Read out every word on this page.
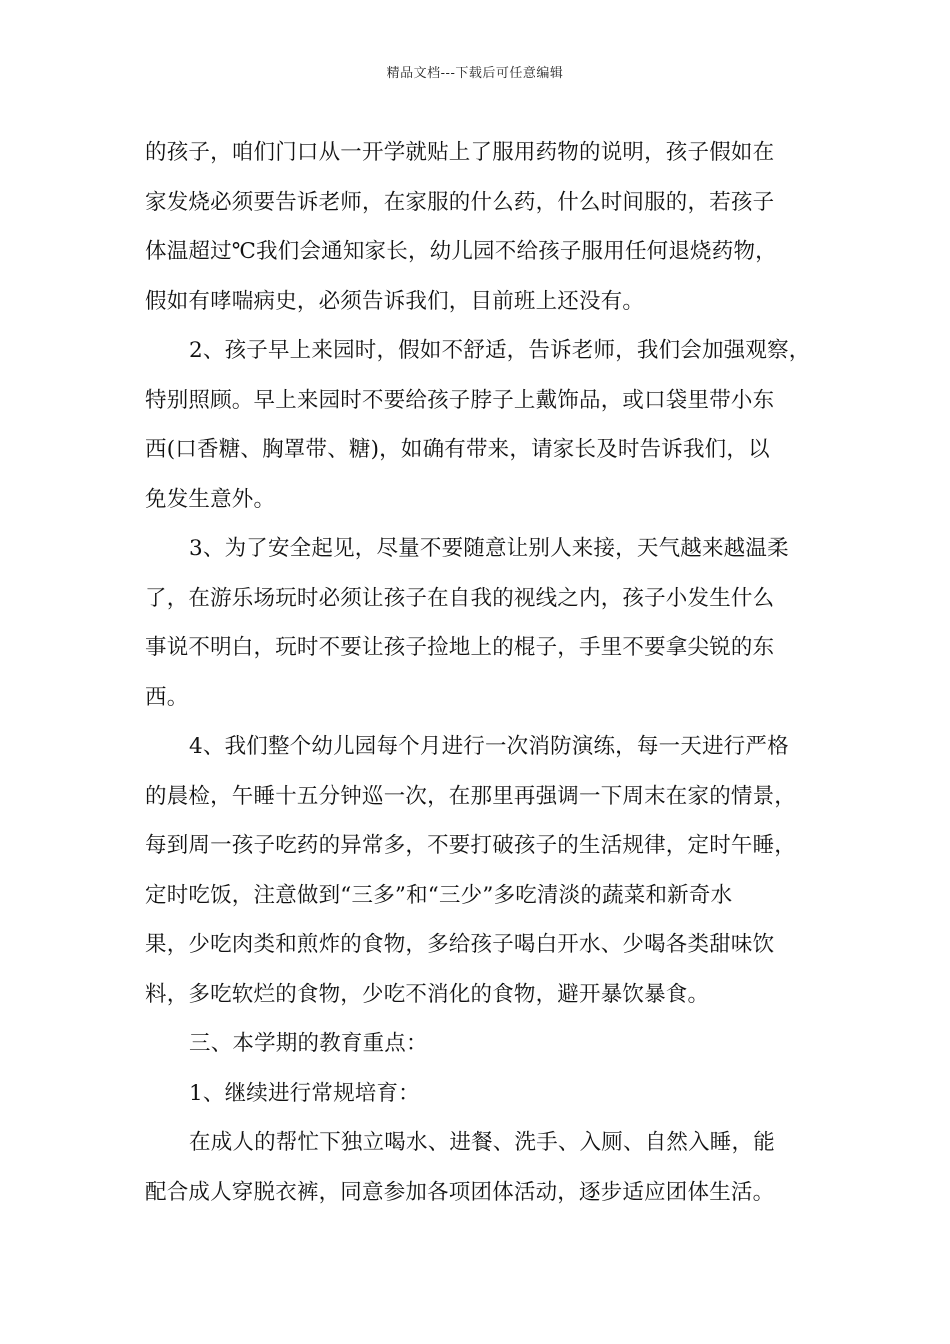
精品文档---下载后可任意编辑
的孩子，咱们门口从一开学就贴上了服用药物的说明，孩子假如在
家发烧必须要告诉老师，在家服的什么药，什么时间服的，若孩子
体温超过℃我们会通知家长，幼儿园不给孩子服用任何退烧药物，
假如有哮喘病史，必须告诉我们，目前班上还没有。
2、孩子早上来园时，假如不舒适，告诉老师，我们会加强观察，
特别照顾。早上来园时不要给孩子脖子上戴饰品，或口袋里带小东
西(口香糖、胸罩带、糖)，如确有带来，请家长及时告诉我们，以
免发生意外。
3、为了安全起见，尽量不要随意让别人来接，天气越来越温柔
了，在游乐场玩时必须让孩子在自我的视线之内，孩子小发生什么
事说不明白，玩时不要让孩子捡地上的棍子，手里不要拿尖锐的东
西。
4、我们整个幼儿园每个月进行一次消防演练，每一天进行严格
的晨检，午睡十五分钟巡一次，在那里再强调一下周末在家的情景，
每到周一孩子吃药的异常多，不要打破孩子的生活规律，定时午睡，
定时吃饭，注意做到“三多”和“三少”多吃清淡的蔬菜和新奇水
果，少吃肉类和煎炸的食物，多给孩子喝白开水、少喝各类甜味饮
料，多吃软烂的食物，少吃不消化的食物，避开暴饮暴食。
三、本学期的教育重点：
1、继续进行常规培育：
在成人的帮忙下独立喝水、进餐、洗手、入厕、自然入睡，能
配合成人穿脱衣裤，同意参加各项团体活动，逐步适应团体生活。
